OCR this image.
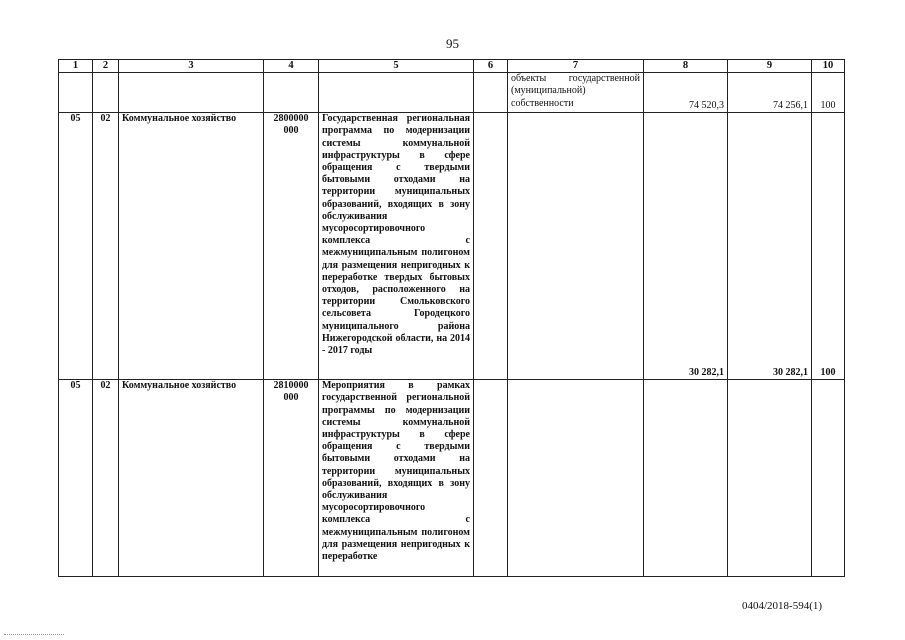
95
1	2	3	4	5	6	7	8	9	10
						объекты государственной (муниципальной) собственности	74 520,3	74 256,1	100
05	02	Коммунальное хозяйство	2800000 000	Государственная региональная программа по модернизации системы коммунальной инфраструктуры в сфере обращения с твердыми бытовыми отходами на территории муниципальных образований, входящих в зону обслуживания мусоросортировочного комплекса с межмуниципальным полигоном для размещения непригодных к переработке твердых бытовых отходов, расположенного на территории Смольковского сельсовета Городецкого муниципального района Нижегородской области, на 2014 - 2017 годы			30 282,1	30 282,1	100
05	02	Коммунальное хозяйство	2810000 000	Мероприятия в рамках государственной региональной программы по модернизации системы коммунальной инфраструктуры в сфере обращения с твердыми бытовыми отходами на территории муниципальных образований, входящих в зону обслуживания мусоросортировочного комплекса с межмуниципальным полигоном для размещения непригодных к переработке					
0404/2018-594(1)
